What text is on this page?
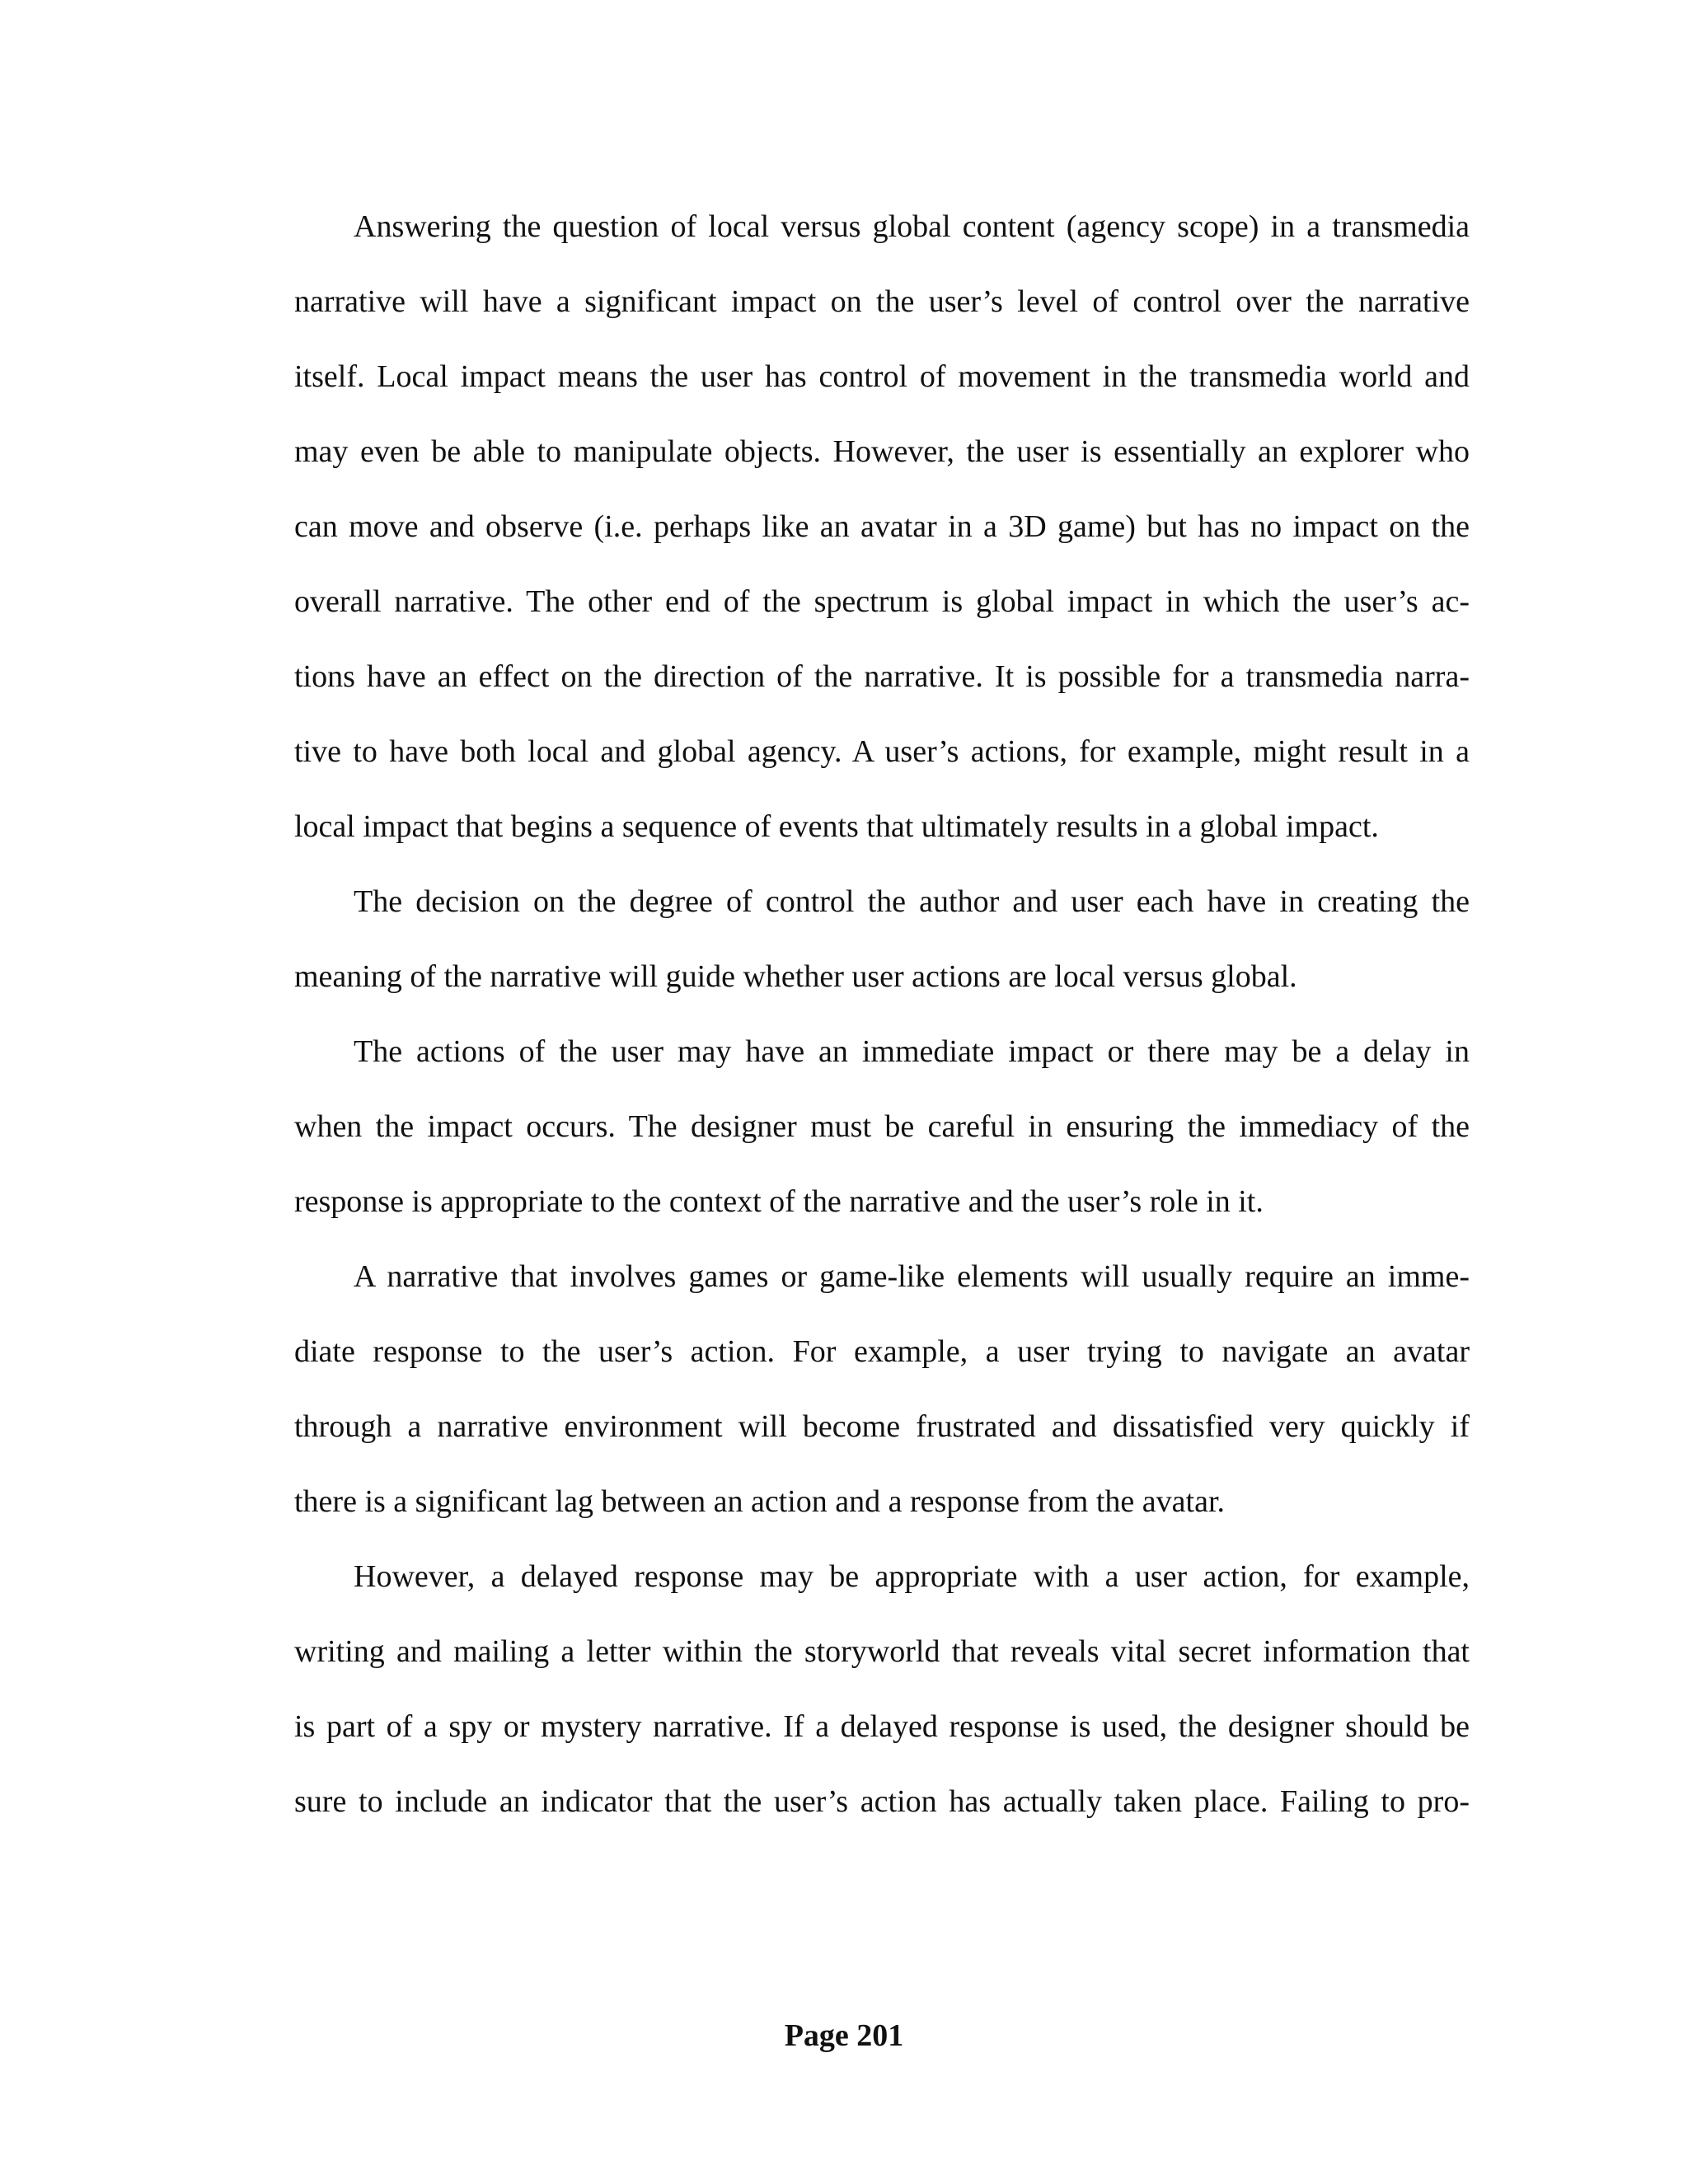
Answering the question of local versus global content (agency scope) in a transmedia
narrative will have a significant impact on the user’s level of control over the narrative
itself. Local impact means the user has control of movement in the transmedia world and
may even be able to manipulate objects. However, the user is essentially an explorer who
can move and observe (i.e. perhaps like an avatar in a 3D game) but has no impact on the
overall narrative. The other end of the spectrum is global impact in which the user’s ac-
tions have an effect on the direction of the narrative. It is possible for a transmedia narra-
tive to have both local and global agency. A user’s actions, for example, might result in a
local impact that begins a sequence of events that ultimately results in a global impact.
The decision on the degree of control the author and user each have in creating the
meaning of the narrative will guide whether user actions are local versus global.
The actions of the user may have an immediate impact or there may be a delay in
when the impact occurs. The designer must be careful in ensuring the immediacy of the
response is appropriate to the context of the narrative and the user’s role in it.
A narrative that involves games or game-like elements will usually require an imme-
diate response to the user’s action. For example, a user trying to navigate an avatar
through a narrative environment will become frustrated and dissatisfied very quickly if
there is a significant lag between an action and a response from the avatar.
However, a delayed response may be appropriate with a user action, for example,
writing and mailing a letter within the storyworld that reveals vital secret information that
is part of a spy or mystery narrative. If a delayed response is used, the designer should be
sure to include an indicator that the user’s action has actually taken place. Failing to pro-
Page 201
